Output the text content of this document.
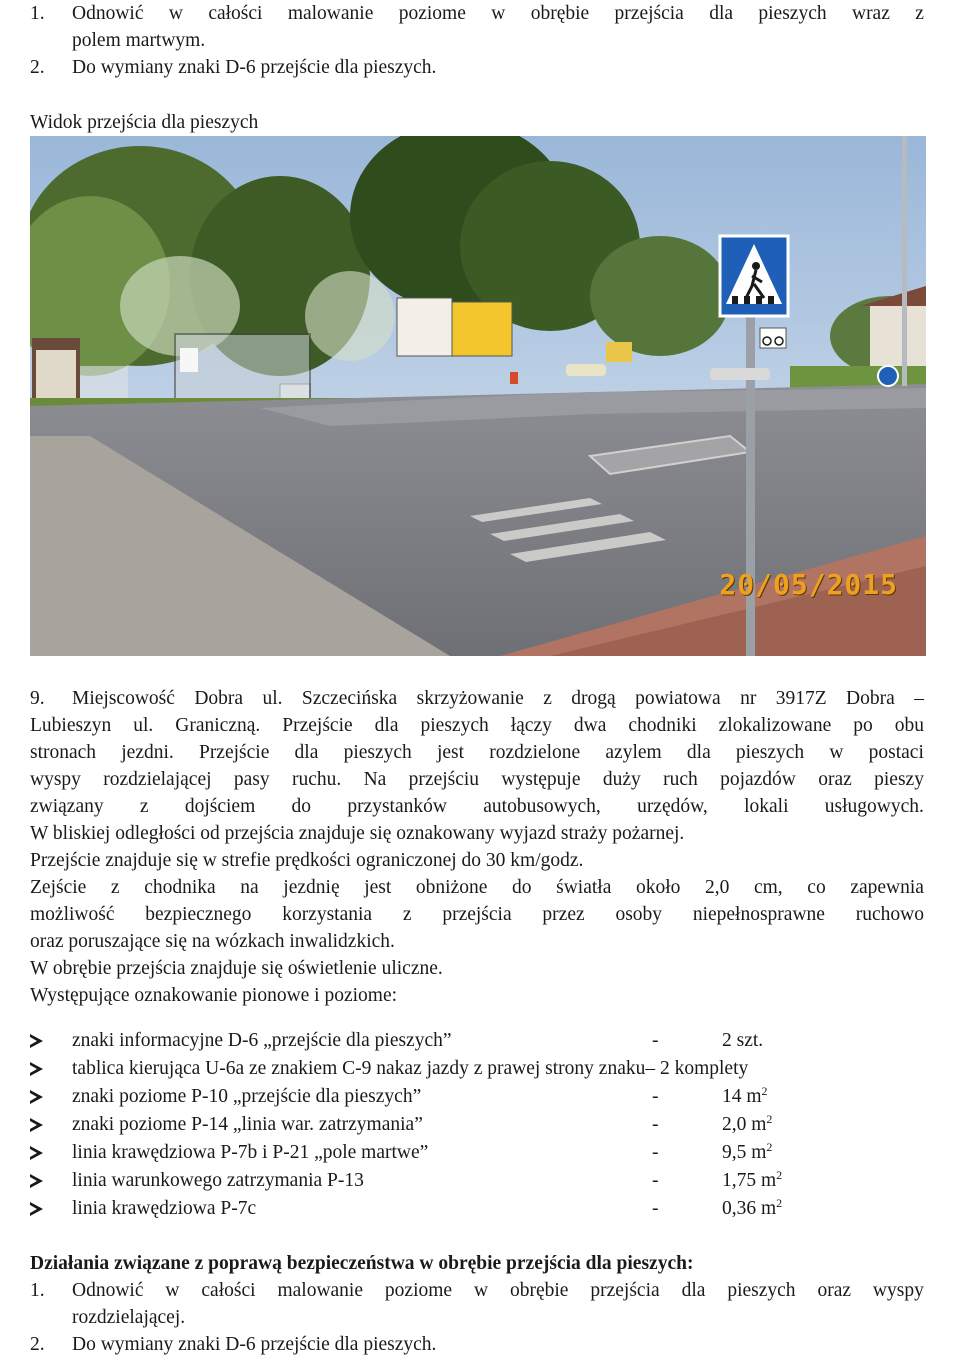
1. Odnowić w całości malowanie poziome w obrębie przejścia dla pieszych wraz z
polem martwym.
2. Do wymiany znaki D-6 przejście dla pieszych.
Widok przejścia dla pieszych
20/05/2015
9. Miejscowość Dobra ul. Szczecińska skrzyżowanie z drogą powiatowa nr 3917Z Dobra –
Lubieszyn ul. Graniczną. Przejście dla pieszych łączy dwa chodniki zlokalizowane po obu
stronach jezdni. Przejście dla pieszych jest rozdzielone azylem dla pieszych w postaci
wyspy rozdzielającej pasy ruchu. Na przejściu występuje duży ruch pojazdów oraz pieszy
związany z dojściem do przystanków autobusowych, urzędów, lokali usługowych.
W bliskiej odległości od przejścia znajduje się oznakowany wyjazd straży pożarnej.
Przejście znajduje się w strefie prędkości ograniczonej do 30 km/godz.
Zejście z chodnika na jezdnię jest obniżone do światła około 2,0 cm, co zapewnia
możliwość bezpiecznego korzystania z przejścia przez osoby niepełnosprawne ruchowo
oraz poruszające się na wózkach inwalidzkich.
W obrębie przejścia znajduje się oświetlenie uliczne.
Występujące oznakowanie pionowe i poziome:
znaki informacyjne D-6 „przejście dla pieszych”	-	2 szt.
tablica kierująca U-6a ze znakiem C-9 nakaz jazdy z prawej strony znaku– 2 komplety
znaki poziome P-10 „przejście dla pieszych”	-	14 $m^2$
znaki poziome P-14 „linia war. zatrzymania”	-	2,0 $m^2$
linia krawędziowa P-7b i P-21 „pole martwe”	-	9,5 $m^2$
linia warunkowego zatrzymania P-13	-	1,75 $m^2$
linia krawędziowa P-7c	-	0,36 $m^2$
Działania związane z poprawą bezpieczeństwa w obrębie przejścia dla pieszych:
1. Odnowić w całości malowanie poziome w obrębie przejścia dla pieszych oraz wyspy
rozdzielającej.
2. Do wymiany znaki D-6 przejście dla pieszych.
